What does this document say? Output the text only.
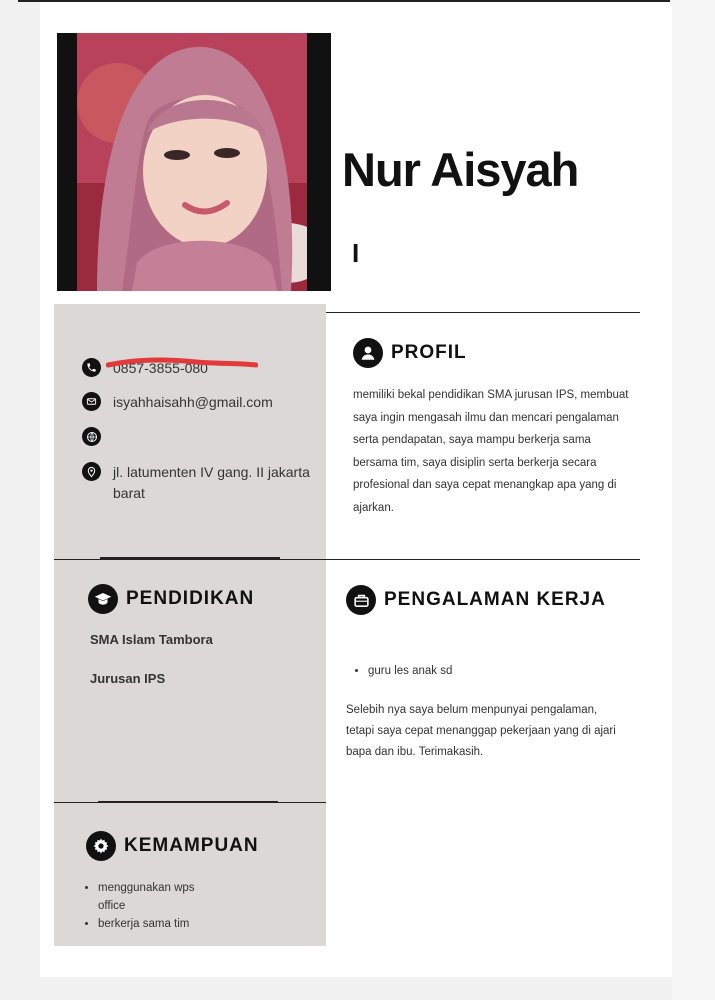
Nur Aisyah
I
0857-3855-080
isyahhaisahh@gmail.com
jl. latumenten IV gang. II jakarta barat
PROFIL
memiliki bekal pendidikan SMA jurusan IPS, membuat saya ingin mengasah ilmu dan mencari pengalaman serta pendapatan, saya mampu berkerja sama bersama tim, saya disiplin serta berkerja secara profesional dan saya cepat menangkap apa yang di ajarkan.
PENDIDIKAN
SMA Islam Tambora
Jurusan IPS
PENGALAMAN KERJA
• guru les anak sd
Selebih nya saya belum menpunyai pengalaman, tetapi saya cepat menanggap pekerjaan yang di ajari bapa dan ibu. Terimakasih.
KEMAMPUAN
• menggunakan wps office
• berkerja sama tim
